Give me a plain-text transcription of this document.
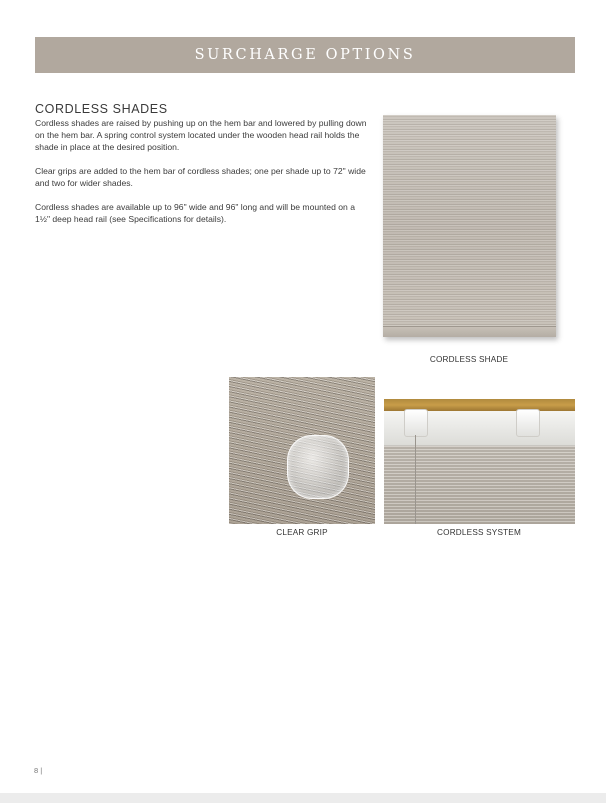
SURCHARGE OPTIONS
CORDLESS SHADES

Cordless shades are raised by pushing up on the hem bar and lowered by pulling down on the hem bar. A spring control system located under the wooden head rail holds the shade in place at the desired position.

Clear grips are added to the hem bar of cordless shades; one per shade up to 72" wide and two for wider shades.

Cordless shades are available up to 96" wide and 96" long and will be mounted on a 1½" deep head rail (see Specifications for details).

CORDLESS SHADE
CLEAR GRIP	CORDLESS SYSTEM
8 |
